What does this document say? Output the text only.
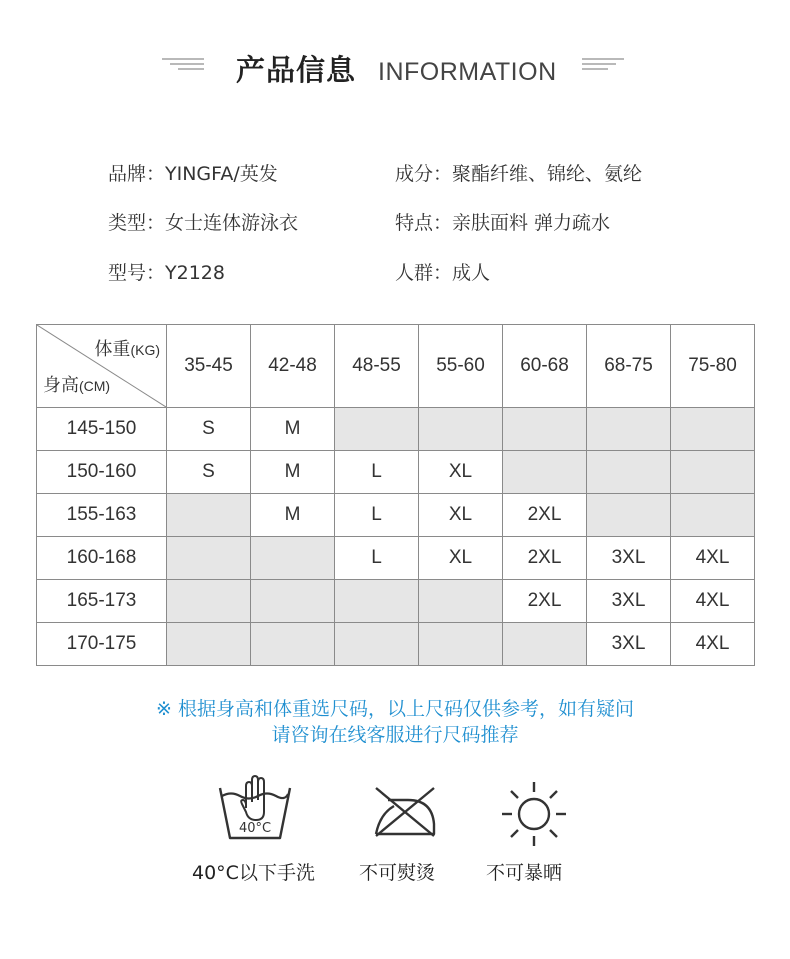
产品信息 INFORMATION
品牌：YINGFA/英发	成分：聚酯纤维、锦纶、氨纶
类型：女士连体游泳衣	特点：亲肤面料 弹力疏水
型号：Y2128	人群：成人
体重(KG)
身高(CM)	35-45	42-48	48-55	55-60	60-68	68-75	75-80
145-150	S	M					
150-160	S	M	L	XL			
155-163		M	L	XL	2XL		
160-168			L	XL	2XL	3XL	4XL
165-173					2XL	3XL	4XL
170-175						3XL	4XL
※ 根据身高和体重选尺码，以上尺码仅供参考，如有疑问
请咨询在线客服进行尺码推荐
40°C
40°C以下手洗 不可熨烫	不可暴晒
